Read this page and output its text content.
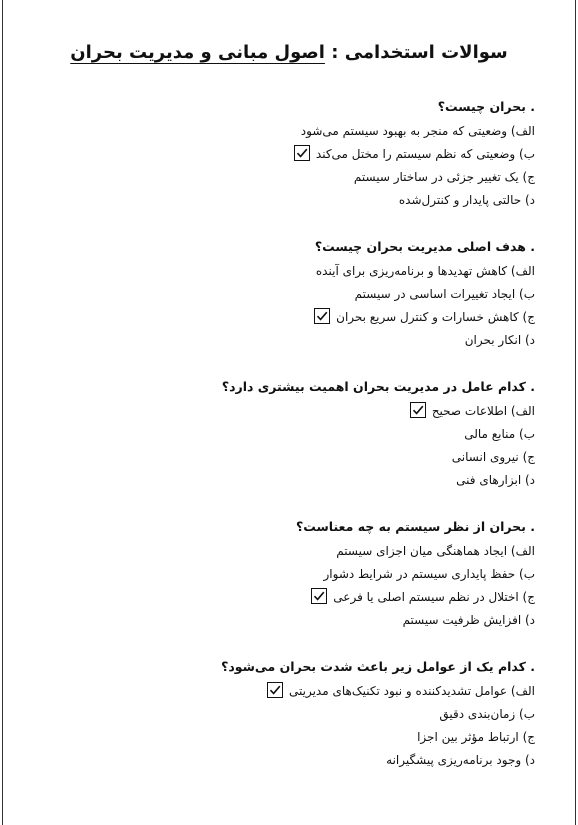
سوالات استخدامی : اصول مبانی و مدیریت بحران
. بحران چیست؟
الف) وضعیتی که منجر به بهبود سیستم می‌شود
ب) وضعیتی که نظم سیستم را مختل می‌کند
ج) یک تغییر جزئی در ساختار سیستم
د) حالتی پایدار و کنترل‌شده
. هدف اصلی مدیریت بحران چیست؟
الف) کاهش تهدیدها و برنامه‌ریزی برای آینده
ب) ایجاد تغییرات اساسی در سیستم
ج) کاهش خسارات و کنترل سریع بحران
د) انکار بحران
. کدام عامل در مدیریت بحران اهمیت بیشتری دارد؟
الف) اطلاعات صحیح
ب) منابع مالی
ج) نیروی انسانی
د) ابزارهای فنی
. بحران از نظر سیستم به چه معناست؟
الف) ایجاد هماهنگی میان اجزای سیستم
ب) حفظ پایداری سیستم در شرایط دشوار
ج) اختلال در نظم سیستم اصلی یا فرعی
د) افزایش ظرفیت سیستم
. کدام یک از عوامل زیر باعث شدت بحران می‌شود؟
الف) عوامل تشدیدکننده و نبود تکنیک‌های مدیریتی
ب) زمان‌بندی دقیق
ج) ارتباط مؤثر بین اجزا
د) وجود برنامه‌ریزی پیشگیرانه
